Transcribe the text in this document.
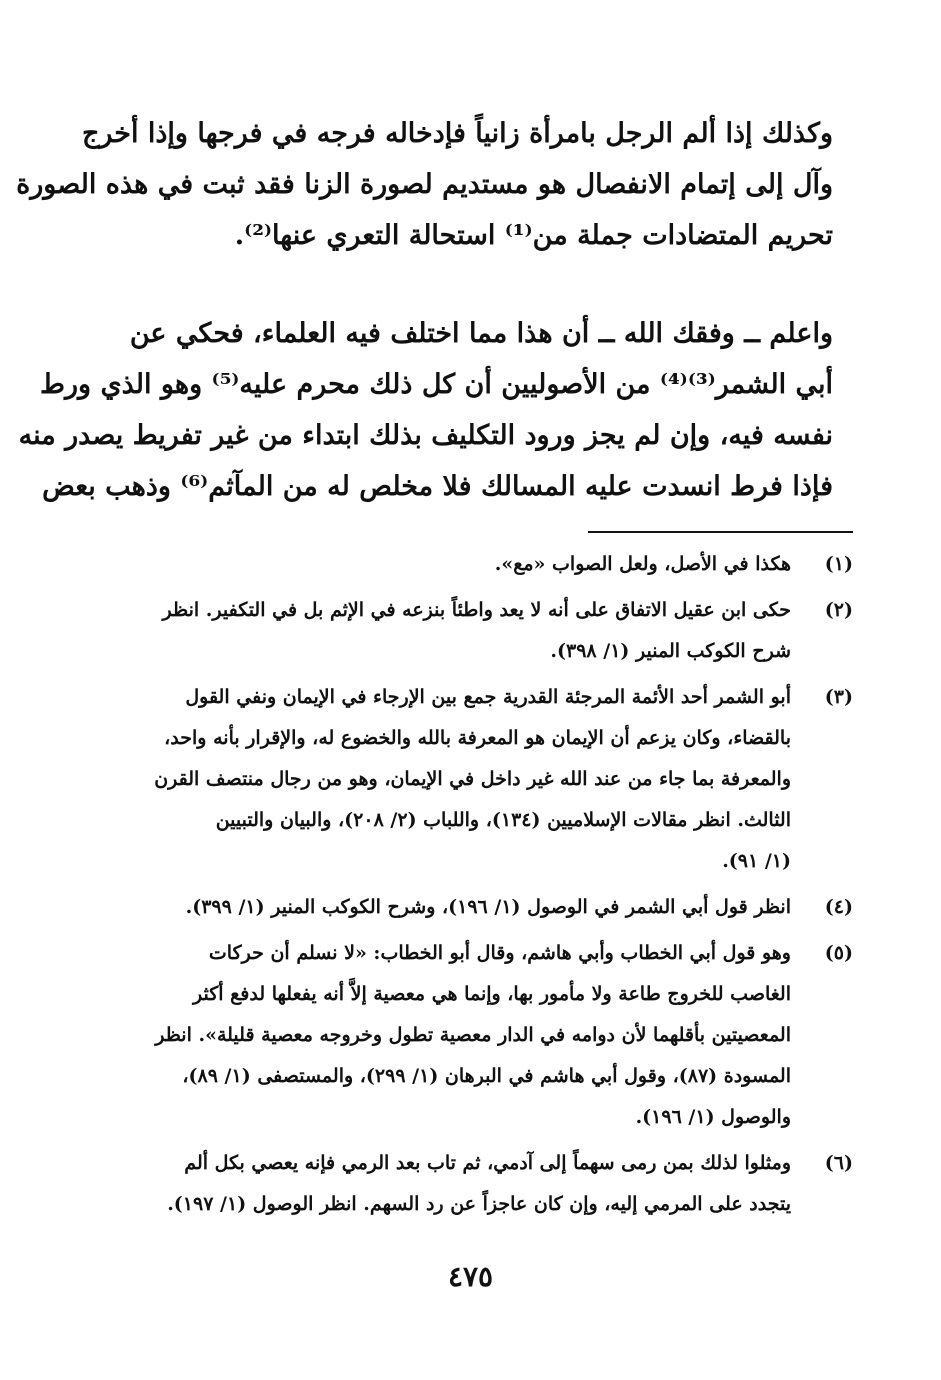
وكذلك إذا ألم الرجل بامرأة زانياً فإدخاله فرجه في فرجها وإذا أخرج
وآل إلى إتمام الانفصال هو مستديم لصورة الزنا فقد ثبت في هذه الصورة
تحريم المتضادات جملة من⁽¹⁾ استحالة التعري عنها⁽²⁾.
واعلم ــ وفقك الله ــ أن هذا مما اختلف فيه العلماء، فحكي عن
أبي الشمر⁽³⁾⁽⁴⁾ من الأصوليين أن كل ذلك محرم عليه⁽⁵⁾ وهو الذي ورط
نفسه فيه، وإن لم يجز ورود التكليف بذلك ابتداء من غير تفريط يصدر منه
فإذا فرط انسدت عليه المسالك فلا مخلص له من المآثم⁽⁶⁾ وذهب بعض
(١)
هكذا في الأصل، ولعل الصواب «مع».
(٢)
حكى ابن عقيل الاتفاق على أنه لا يعد واطئاً بنزعه في الإثم بل في التكفير. انظر
شرح الكوكب المنير (١/ ٣٩٨).
(٣)
أبو الشمر أحد الأئمة المرجئة القدرية جمع بين الإرجاء في الإيمان ونفي القول
بالقضاء، وكان يزعم أن الإيمان هو المعرفة بالله والخضوع له، والإقرار بأنه واحد،
والمعرفة بما جاء من عند الله غير داخل في الإيمان، وهو من رجال منتصف القرن
الثالث. انظر مقالات الإسلاميين (١٣٤)، واللباب (٢/ ٢٠٨)، والبيان والتبيين
(١/ ٩١).
(٤)
انظر قول أبي الشمر في الوصول (١/ ١٩٦)، وشرح الكوكب المنير (١/ ٣٩٩).
(٥)
وهو قول أبي الخطاب وأبي هاشم، وقال أبو الخطاب: «لا نسلم أن حركات
الغاصب للخروج طاعة ولا مأمور بها، وإنما هي معصية إلاَّ أنه يفعلها لدفع أكثر
المعصيتين بأقلهما لأن دوامه في الدار معصية تطول وخروجه معصية قليلة». انظر
المسودة (٨٧)، وقول أبي هاشم في البرهان (١/ ٢٩٩)، والمستصفى (١/ ٨٩)،
والوصول (١/ ١٩٦).
(٦)
ومثلوا لذلك بمن رمى سهماً إلى آدمي، ثم تاب بعد الرمي فإنه يعصي بكل ألم
يتجدد على المرمي إليه، وإن كان عاجزاً عن رد السهم. انظر الوصول (١/ ١٩٧).
٤٧٥
